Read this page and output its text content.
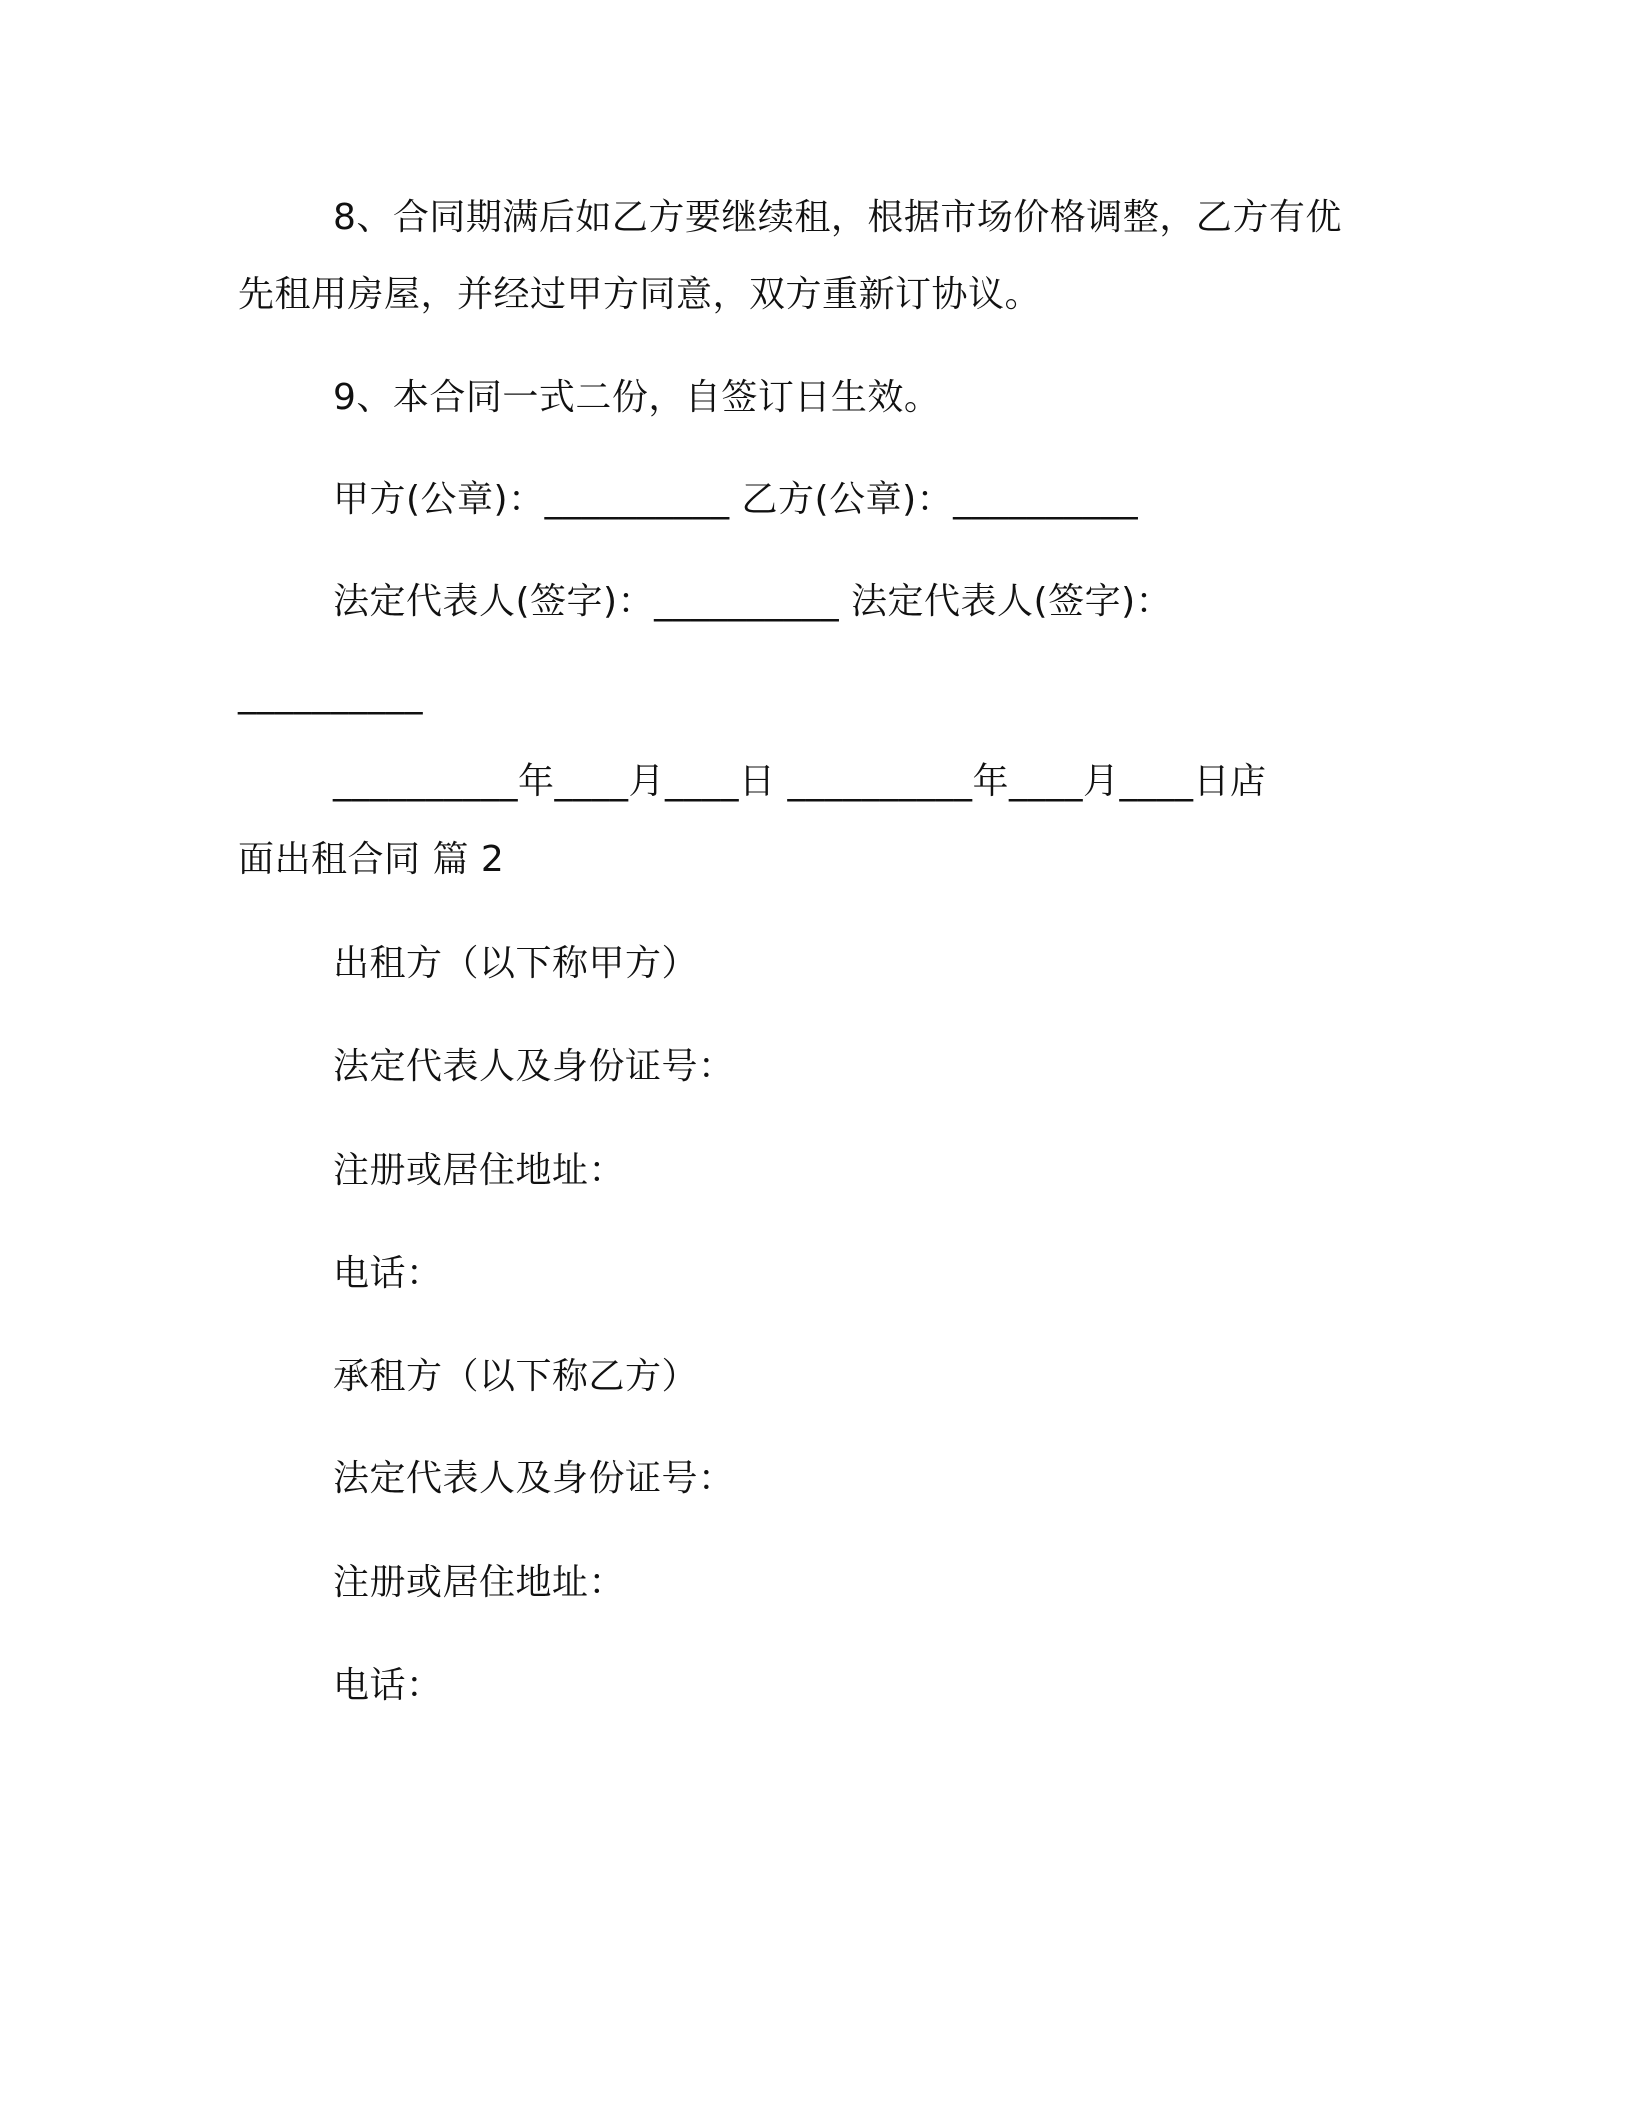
8、合同期满后如乙方要继续租，根据市场价格调整，乙方有优
先租用房屋，并经过甲方同意，双方重新订协议。
9、本合同一式二份，自签订日生效。
甲方(公章)：__________ 乙方(公章)：__________
法定代表人(签字)：__________ 法定代表人(签字)：
__________
__________年____月____日 __________年____月____日店
面出租合同 篇 2
出租方（以下称甲方）
法定代表人及身份证号：
注册或居住地址：
电话：
承租方（以下称乙方）
法定代表人及身份证号：
注册或居住地址：
电话：
